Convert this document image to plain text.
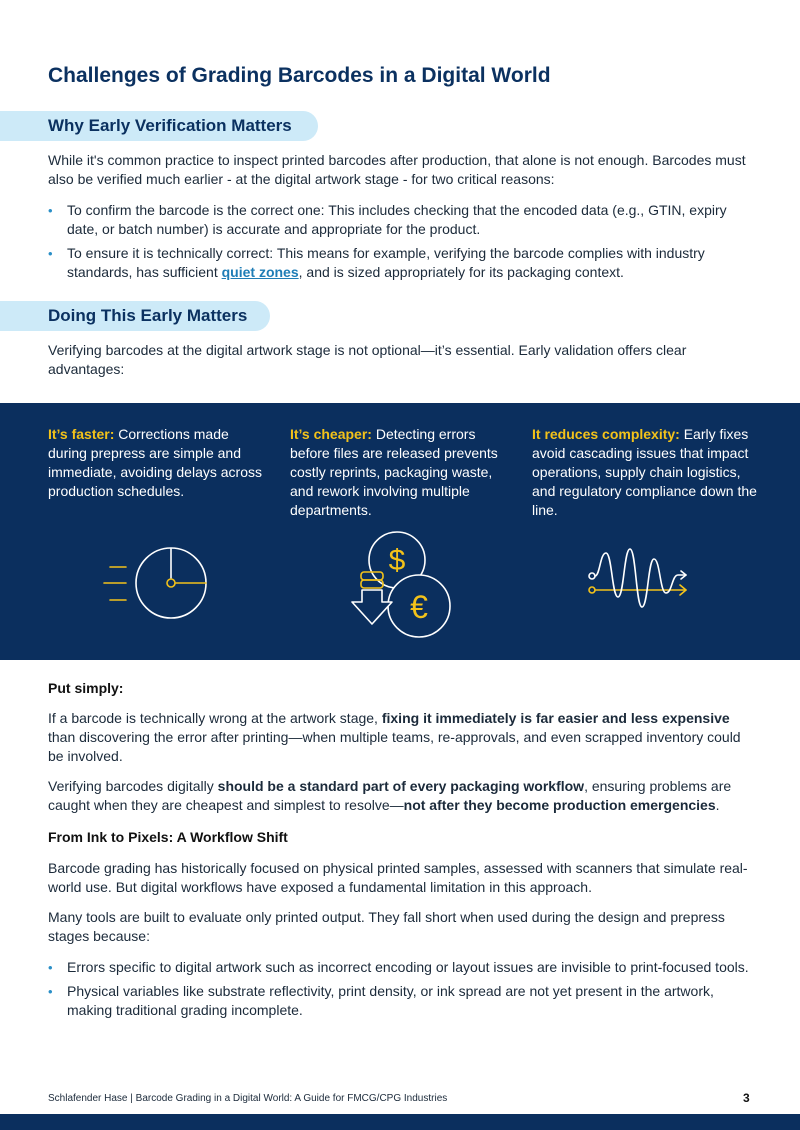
Challenges of Grading Barcodes in a Digital World
Why Early Verification Matters

While it's common practice to inspect printed barcodes after production, that alone is not enough. Barcodes must also be verified much earlier - at the digital artwork stage - for two critical reasons:

• To confirm the barcode is the correct one: This includes checking that the encoded data (e.g., GTIN, expiry date, or batch number) is accurate and appropriate for the product.
• To ensure it is technically correct: This means for example, verifying the barcode complies with industry standards, has sufficient quiet zones, and is sized appropriately for its packaging context.
Doing This Early Matters

Verifying barcodes at the digital artwork stage is not optional—it’s essential. Early validation offers clear advantages:

It’s faster: Corrections made during prepress are simple and immediate, avoiding delays across production schedules.

It’s cheaper: Detecting errors before files are released prevents costly reprints, packaging waste, and rework involving multiple departments.

It reduces complexity: Early fixes avoid cascading issues that impact operations, supply chain logistics, and regulatory compliance down the line.

$
€
Put simply:

If a barcode is technically wrong at the artwork stage, fixing it immediately is far easier and less expensive than discovering the error after printing—when multiple teams, re-approvals, and even scrapped inventory could be involved.

Verifying barcodes digitally should be a standard part of every packaging workflow, ensuring problems are caught when they are cheapest and simplest to resolve—not after they become production emergencies.

From Ink to Pixels: A Workflow Shift

Barcode grading has historically focused on physical printed samples, assessed with scanners that simulate real-world use. But digital workflows have exposed a fundamental limitation in this approach.

Many tools are built to evaluate only printed output. They fall short when used during the design and prepress stages because:

• Errors specific to digital artwork such as incorrect encoding or layout issues are invisible to print-focused tools.
• Physical variables like substrate reflectivity, print density, or ink spread are not yet present in the artwork, making traditional grading incomplete.
Schlafender Hase | Barcode Grading in a Digital World: A Guide for FMCG/CPG Industries	3
